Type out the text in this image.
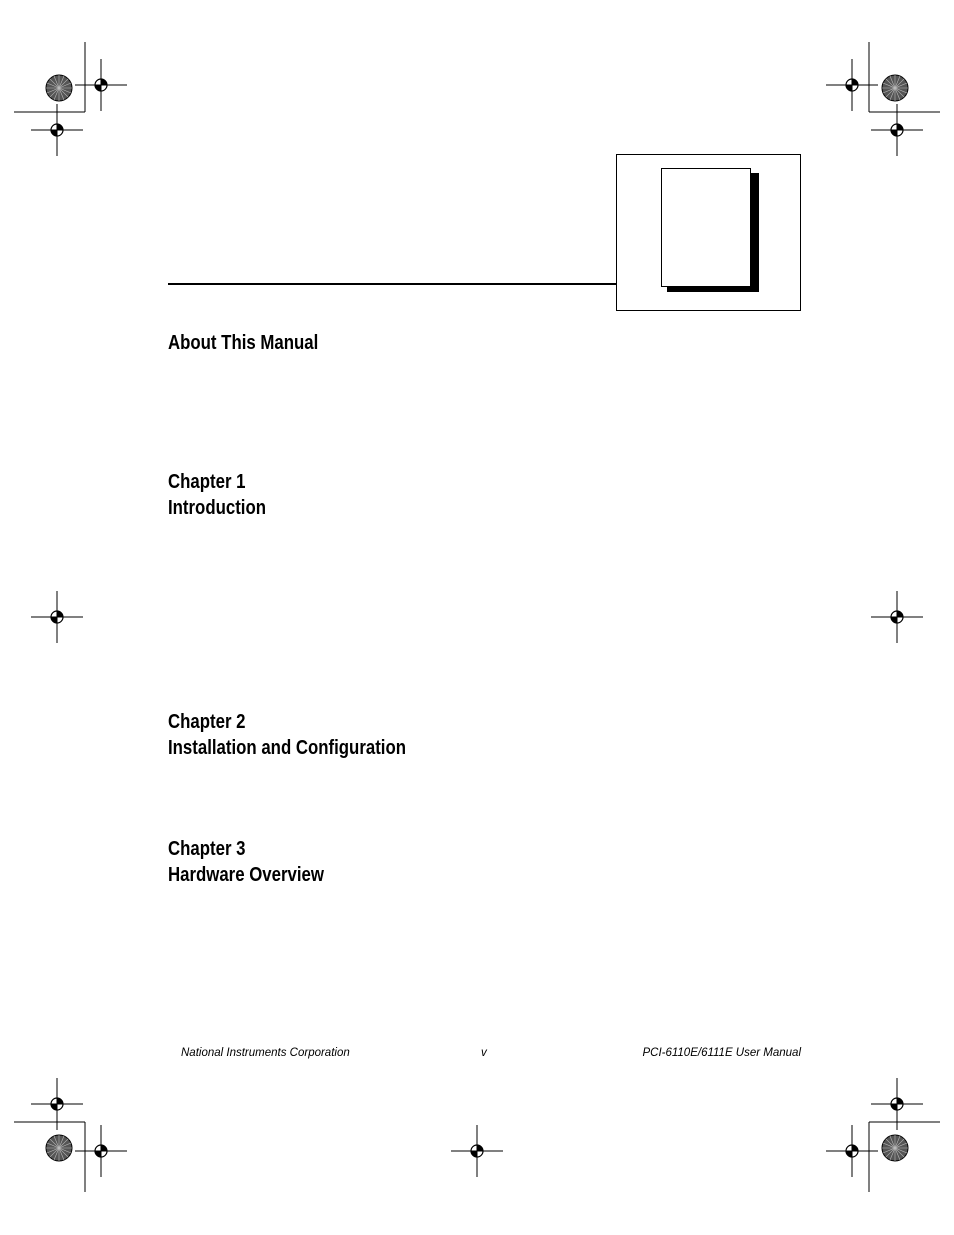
About This Manual
Chapter 1
Introduction
Chapter 2
Installation and Configuration
Chapter 3
Hardware Overview
National Instruments Corporation	v	PCI-6110E/6111E User Manual
